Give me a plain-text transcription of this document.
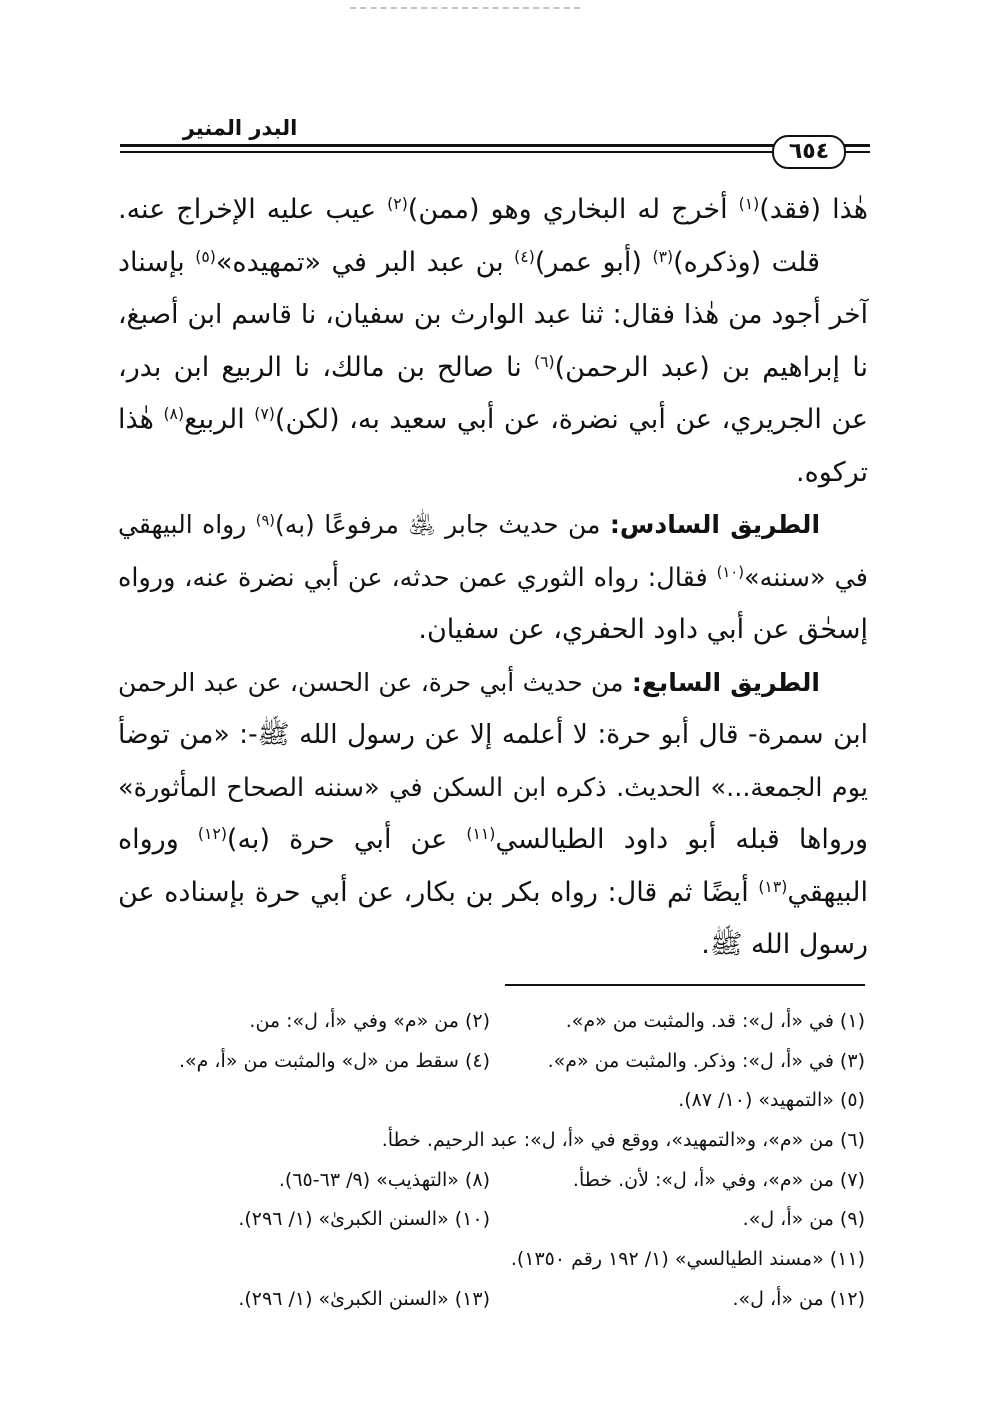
البدر المنير
٦٥٤
هٰذا (فقد)$^{(١)}$ أخرج له البخاري وهو (ممن)$^{(٢)}$ عيب عليه الإخراج عنه.
قلت (وذكره)$^{(٣)}$ (أبو عمر)$^{(٤)}$ بن عبد البر في «تمهيده»$^{(٥)}$ بإسناد
آخر أجود من هٰذا فقال: ثنا عبد الوارث بن سفيان، نا قاسم ابن أصبغ،
نا إبراهيم بن (عبد الرحمن)$^{(٦)}$ نا صالح بن مالك، نا الربيع ابن بدر،
عن الجريري، عن أبي نضرة، عن أبي سعيد به، (لكن)$^{(٧)}$ الربيع$^{(٨)}$ هٰذا
تركوه.
الطريق السادس: من حديث جابر ﵁ مرفوعًا (به)$^{(٩)}$ رواه البيهقي
في «سننه»$^{(١٠)}$ فقال: رواه الثوري عمن حدثه، عن أبي نضرة عنه، ورواه
إسحٰق عن أبي داود الحفري، عن سفيان.
الطريق السابع: من حديث أبي حرة، عن الحسن، عن عبد الرحمن
ابن سمرة- قال أبو حرة: لا أعلمه إلا عن رسول الله ﷺ-: «من توضأ
يوم الجمعة...» الحديث. ذكره ابن السكن في «سننه الصحاح المأثورة»
ورواها قبله أبو داود الطيالسي$^{(١١)}$ عن أبي حرة (به)$^{(١٢)}$ ورواه
البيهقي$^{(١٣)}$ أيضًا ثم قال: رواه بكر بن بكار، عن أبي حرة بإسناده عن
رسول الله ﷺ.
(١) في «أ، ل»: قد. والمثبت من «م».
(٢) من «م» وفي «أ، ل»: من.
(٣) في «أ، ل»: وذكر. والمثبت من «م».
(٤) سقط من «ل» والمثبت من «أ، م».
(٥) «التمهيد» (١٠/ ٨٧).
(٦) من «م»، و«التمهيد»، ووقع في «أ، ل»: عبد الرحيم. خطأ.
(٧) من «م»، وفي «أ، ل»: لأن. خطأ.
(٨) «التهذيب» (٩/ ٦٣-٦٥).
(٩) من «أ، ل».
(١٠) «السنن الكبرىٰ» (١/ ٢٩٦).
(١١) «مسند الطيالسي» (١/ ١٩٢ رقم ١٣٥٠).
(١٢) من «أ، ل».
(١٣) «السنن الكبرىٰ» (١/ ٢٩٦).
